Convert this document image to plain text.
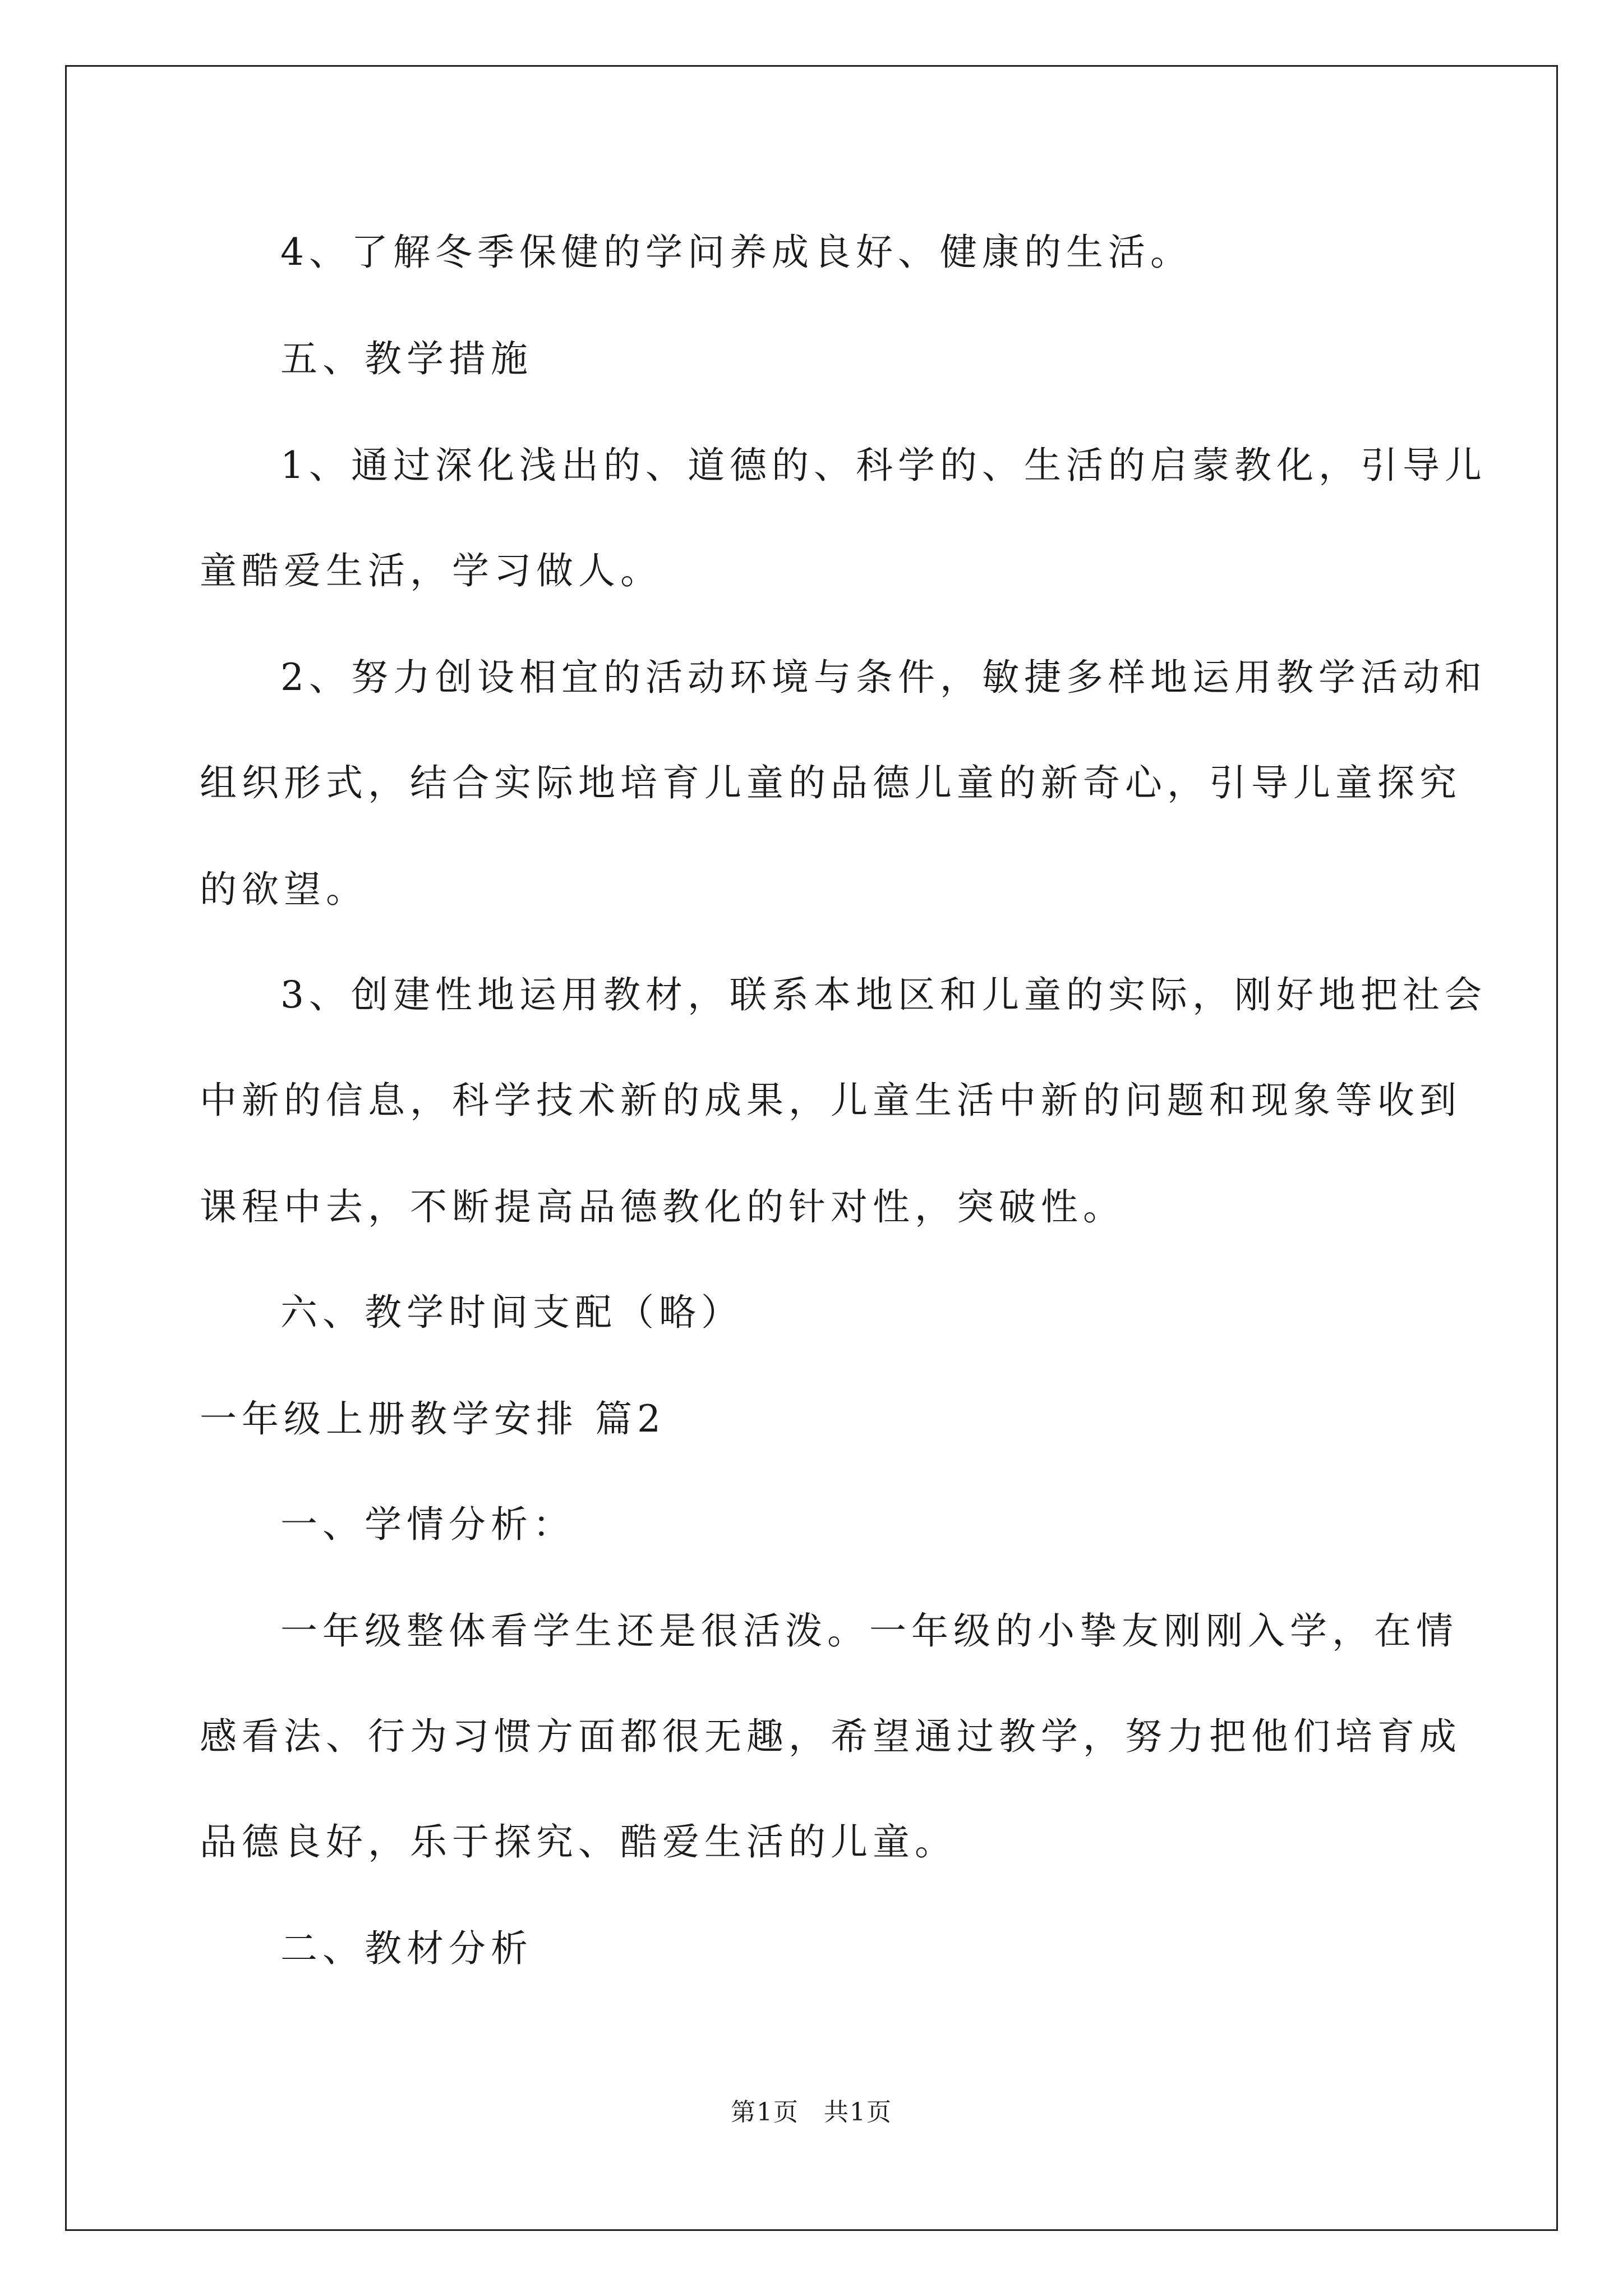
4、了解冬季保健的学问养成良好、健康的生活。
五、教学措施
1、通过深化浅出的、道德的、科学的、生活的启蒙教化，引导儿
童酷爱生活，学习做人。
2、努力创设相宜的活动环境与条件，敏捷多样地运用教学活动和
组织形式，结合实际地培育儿童的品德儿童的新奇心，引导儿童探究
的欲望。
3、创建性地运用教材，联系本地区和儿童的实际，刚好地把社会
中新的信息，科学技术新的成果，儿童生活中新的问题和现象等收到
课程中去，不断提高品德教化的针对性，突破性。
六、教学时间支配（略）
一年级上册教学安排 篇2
一、学情分析：
一年级整体看学生还是很活泼。一年级的小挚友刚刚入学，在情
感看法、行为习惯方面都很无趣，希望通过教学，努力把他们培育成
品德良好，乐于探究、酷爱生活的儿童。
二、教材分析
第1页 共1页
